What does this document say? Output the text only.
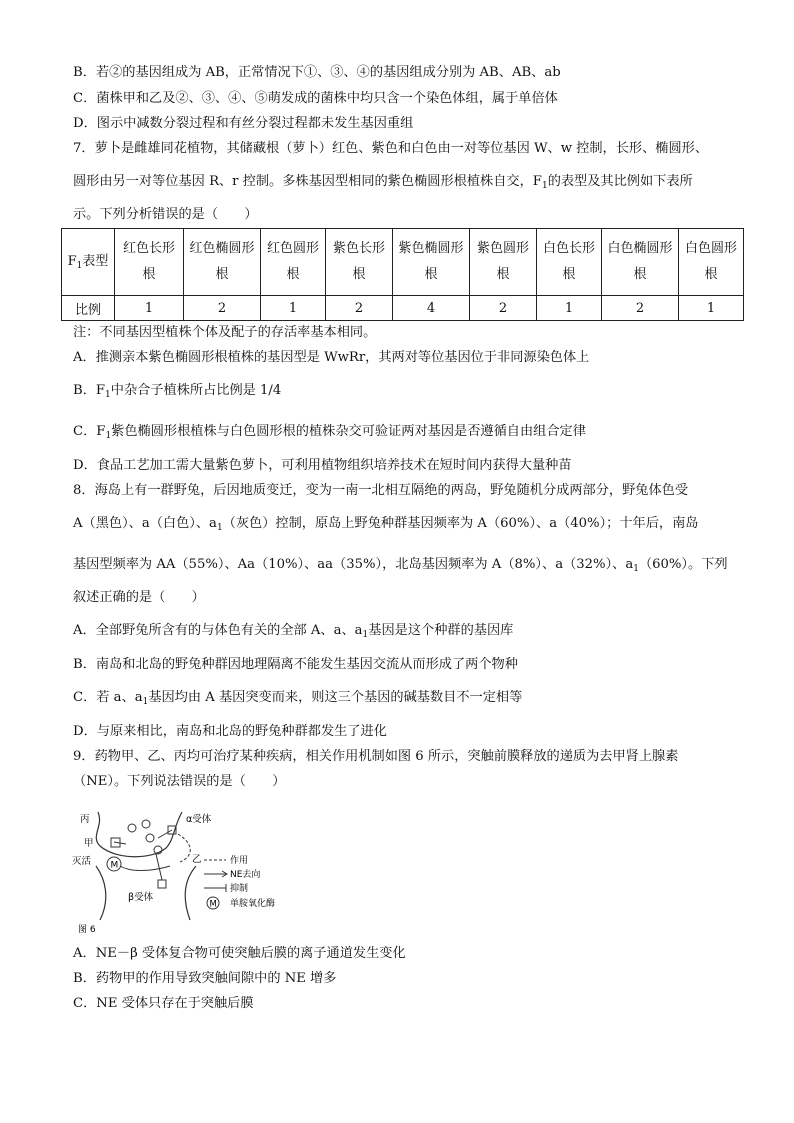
B．若②的基因组成为 AB，正常情况下①、③、④的基因组成分别为 AB、AB、ab
C．菌株甲和乙及②、③、④、⑤萌发成的菌株中均只含一个染色体组，属于单倍体
D．图示中减数分裂过程和有丝分裂过程都未发生基因重组
7．萝卜是雌雄同花植物，其储藏根（萝卜）红色、紫色和白色由一对等位基因 W、w 控制，长形、椭圆形、
圆形由另一对等位基因 R、r 控制。多株基因型相同的紫色椭圆形根植株自交，$F_1$的表型及其比例如下表所
示。下列分析错误的是（　　）
$F_1$表型	红色长形根	红色椭圆形根	红色圆形根	紫色长形根	紫色椭圆形根	紫色圆形根	白色长形根	白色椭圆形根	白色圆形根
比例	1	2	1	2	4	2	1	2	1
注：不同基因型植株个体及配子的存活率基本相同。
A．推测亲本紫色椭圆形根植株的基因型是 WwRr，其两对等位基因位于非同源染色体上
B．$F_1$中杂合子植株所占比例是 1/4
C．$F_1$紫色椭圆形根植株与白色圆形根的植株杂交可验证两对基因是否遵循自由组合定律
D．食品工艺加工需大量紫色萝卜，可利用植物组织培养技术在短时间内获得大量种苗
8．海岛上有一群野兔，后因地质变迁，变为一南一北相互隔绝的两岛，野兔随机分成两部分，野兔体色受
A（黑色）、a（白色）、$a_1$（灰色）控制，原岛上野兔种群基因频率为 A（60%）、a（40%）；十年后，南岛
基因型频率为 AA（55%）、Aa（10%）、aa（35%），北岛基因频率为 A（8%）、a（32%）、$a_1(60\%)$。下列
叙述正确的是（　　）
A．全部野兔所含有的与体色有关的全部 A、a、$a_1$基因是这个种群的基因库
B．南岛和北岛的野兔种群因地理隔离不能发生基因交流从而形成了两个物种
C．若 a、$a_1$基因均由 A 基因突变而来，则这三个基因的碱基数目不一定相等
D．与原来相比，南岛和北岛的野兔种群都发生了进化
9．药物甲、乙、丙均可治疗某种疾病，相关作用机制如图 6 所示，突触前膜释放的递质为去甲肾上腺素
（NE）。下列说法错误的是（　　）
M
丙
甲
灭活
α受体
乙
β受体
作用
NE去向
抑制
M 单胺氧化酶
图 6
A．NE－β 受体复合物可使突触后膜的离子通道发生变化
B．药物甲的作用导致突触间隙中的 NE 增多
C．NE 受体只存在于突触后膜
